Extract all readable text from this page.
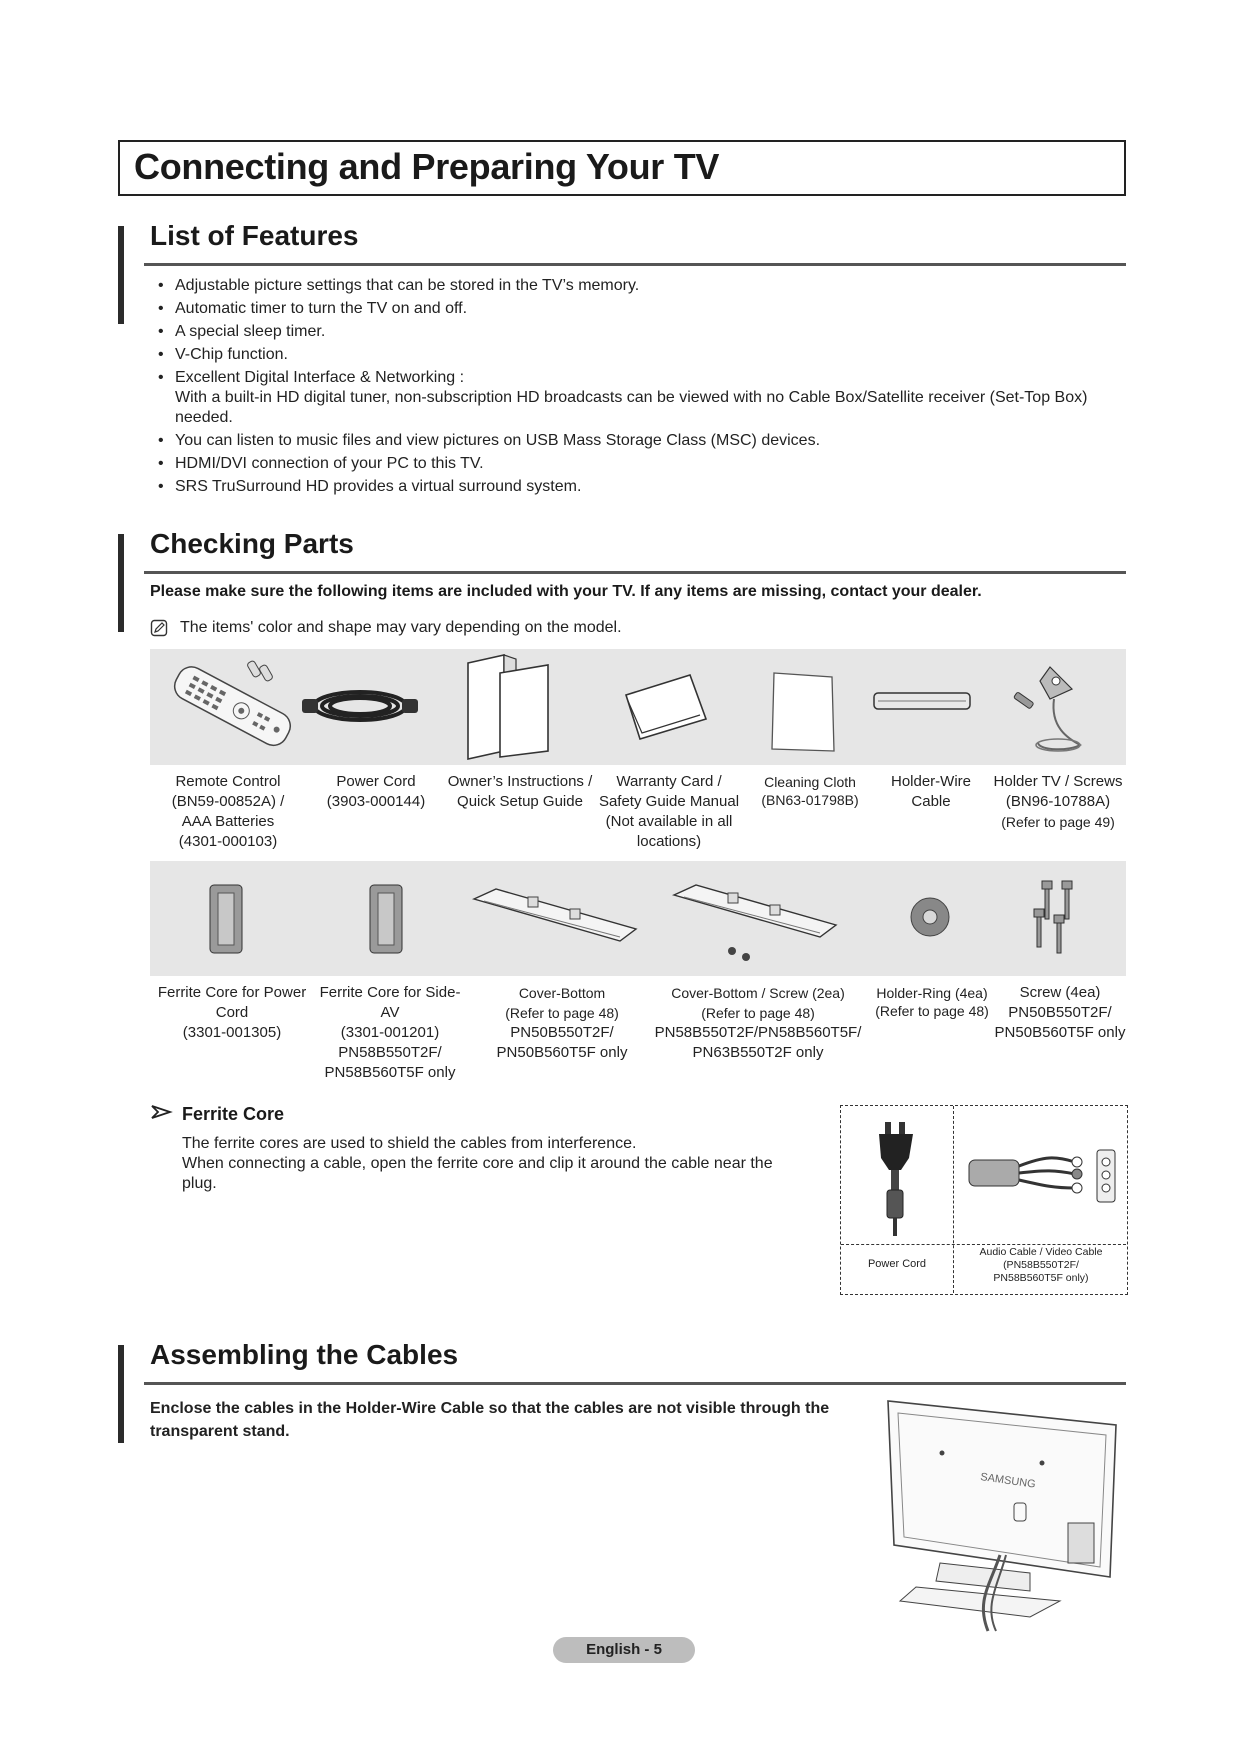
Connecting and Preparing Your TV
List of Features
• Adjustable picture settings that can be stored in the TV’s memory.
• Automatic timer to turn the TV on and off.
• A special sleep timer.
• V-Chip function.
• Excellent Digital Interface & Networking :
With a built-in HD digital tuner, non-subscription HD broadcasts can be viewed with no Cable Box/Satellite receiver (Set-Top Box) needed.
• You can listen to music files and view pictures on USB Mass Storage Class (MSC) devices.
• HDMI/DVI connection of your PC to this TV.
• SRS TruSurround HD provides a virtual surround system.
Checking Parts
Please make sure the following items are included with your TV. If any items are missing, contact your dealer.
The items' color and shape may vary depending on the model.
Remote Control
(BN59-00852A) /
AAA Batteries
(4301-000103)
Power Cord
(3903-000144)
Owner’s Instructions /
Quick Setup Guide
Warranty Card /
Safety Guide Manual
(Not available in all
locations)
Cleaning Cloth
(BN63-01798B)
Holder-Wire
Cable
Holder TV / Screws
(BN96-10788A)
(Refer to page 49)
Ferrite Core for Power
Cord
(3301-001305)
Ferrite Core for Side-
AV
(3301-001201)
PN58B550T2F/
PN58B560T5F only
Cover-Bottom
(Refer to page 48)
PN50B550T2F/
PN50B560T5F only
Cover-Bottom / Screw (2ea)
(Refer to page 48)
PN58B550T2F/PN58B560T5F/
PN63B550T2F only
Holder-Ring (4ea)
(Refer to page 48)
Screw (4ea)
PN50B550T2F/
PN50B560T5F only
Ferrite Core
The ferrite cores are used to shield the cables from interference.
When connecting a cable, open the ferrite core and clip it around the cable near the
plug.
Power Cord
Audio Cable / Video Cable
(PN58B550T2F/
PN58B560T5F only)
Assembling the Cables
Enclose the cables in the Holder-Wire Cable so that the cables are not visible through the transparent stand.
SAMSUNG
English - 5
